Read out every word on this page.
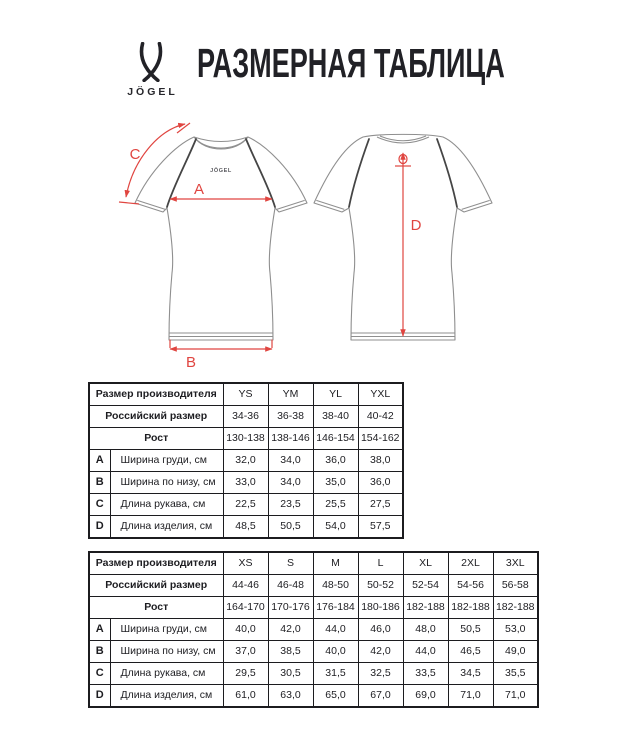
JÖGEL
РАЗМЕРНАЯ ТАБЛИЦА
JÖGEL
A
B
C
D
Размер производителя		YS	YM	YL	YXL
Российский размер		34-36	36-38	38-40	40-42
Рост		130-138	138-146	146-154	154-162
A	Ширина груди, см	32,0	34,0	36,0	38,0
B	Ширина по низу, см	33,0	34,0	35,0	36,0
C	Длина рукава, см	22,5	23,5	25,5	27,5
D	Длина изделия, см	48,5	50,5	54,0	57,5
Размер производителя		XS	S	M	L	XL	2XL	3XL
Российский размер		44-46	46-48	48-50	50-52	52-54	54-56	56-58
Рост		164-170	170-176	176-184	180-186	182-188	182-188	182-188
A	Ширина груди, см	40,0	42,0	44,0	46,0	48,0	50,5	53,0
B	Ширина по низу, см	37,0	38,5	40,0	42,0	44,0	46,5	49,0
C	Длина рукава, см	29,5	30,5	31,5	32,5	33,5	34,5	35,5
D	Длина изделия, см	61,0	63,0	65,0	67,0	69,0	71,0	71,0
